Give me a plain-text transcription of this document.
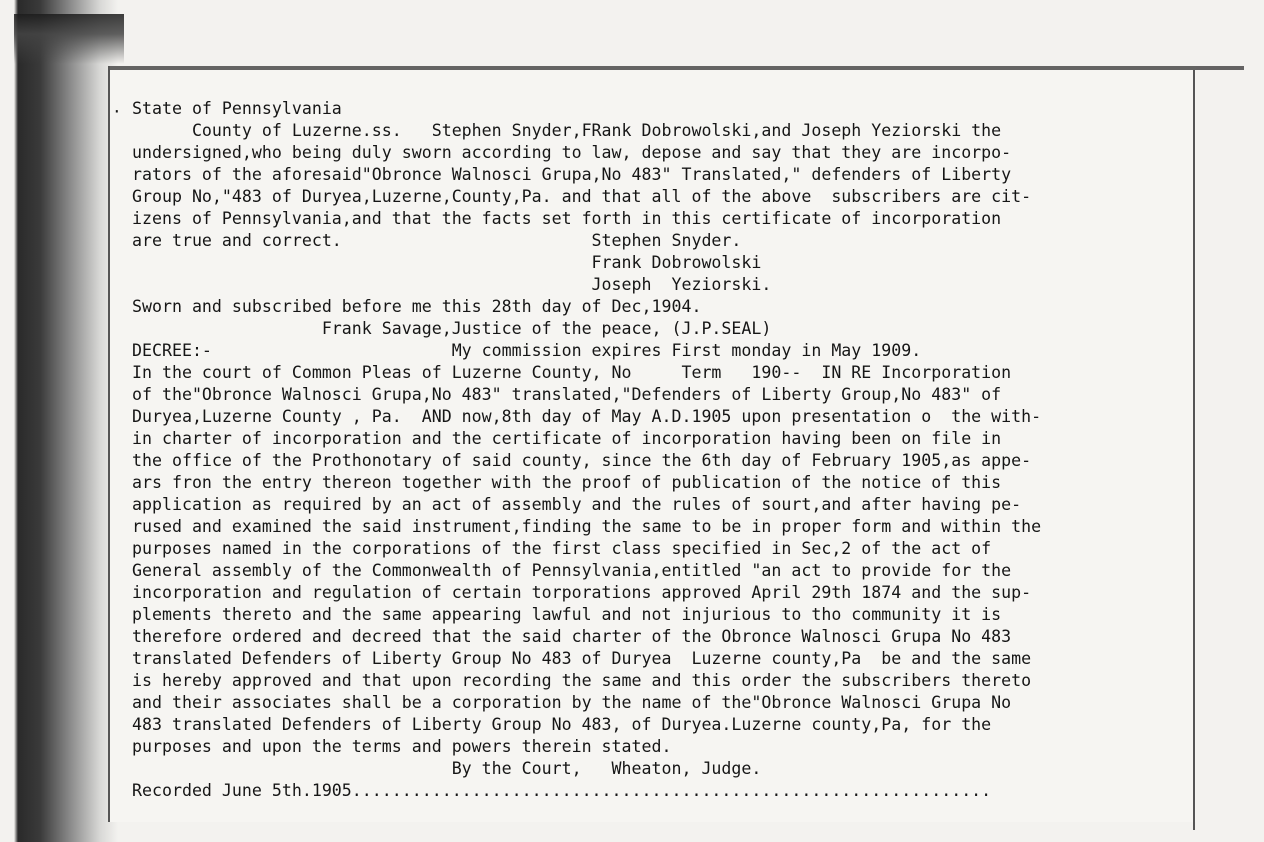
· State of Pennsylvania
County of Luzerne.ss.   Stephen Snyder,FRank Dobrowolski,and Joseph Yeziorski the
undersigned,who being duly sworn according to law, depose and say that they are incorpo-
rators of the aforesaid"Obronce Walnosci Grupa,No 483" Translated," defenders of Liberty
Group No,"483 of Duryea,Luzerne,County,Pa. and that all of the above  subscribers are cit-
izens of Pennsylvania,and that the facts set forth in this certificate of incorporation
are true and correct.                         Stephen Snyder.
Frank Dobrowolski
Joseph  Yeziorski.
Sworn and subscribed before me this 28th day of Dec,1904.
Frank Savage,Justice of the peace, (J.P.SEAL)
DECREE:-                        My commission expires First monday in May 1909.
In the court of Common Pleas of Luzerne County, No     Term   190--  IN RE Incorporation
of the"Obronce Walnosci Grupa,No 483" translated,"Defenders of Liberty Group,No 483" of
Duryea,Luzerne County , Pa.  AND now,8th day of May A.D.1905 upon presentation o  the with-
in charter of incorporation and the certificate of incorporation having been on file in
the office of the Prothonotary of said county, since the 6th day of February 1905,as appe-
ars fron the entry thereon together with the proof of publication of the notice of this
application as required by an act of assembly and the rules of sourt,and after having pe-
rused and examined the said instrument,finding the same to be in proper form and within the
purposes named in the corporations of the first class specified in Sec,2 of the act of
General assembly of the Commonwealth of Pennsylvania,entitled "an act to provide for the
incorporation and regulation of certain torporations approved April 29th 1874 and the sup-
plements thereto and the same appearing lawful and not injurious to tho community it is
therefore ordered and decreed that the said charter of the Obronce Walnosci Grupa No 483
translated Defenders of Liberty Group No 483 of Duryea  Luzerne county,Pa  be and the same
is hereby approved and that upon recording the same and this order the subscribers thereto
and their associates shall be a corporation by the name of the"Obronce Walnosci Grupa No
483 translated Defenders of Liberty Group No 483, of Duryea.Luzerne county,Pa, for the
purposes and upon the terms and powers therein stated.
By the Court,   Wheaton, Judge.
Recorded June 5th.1905................................................................
